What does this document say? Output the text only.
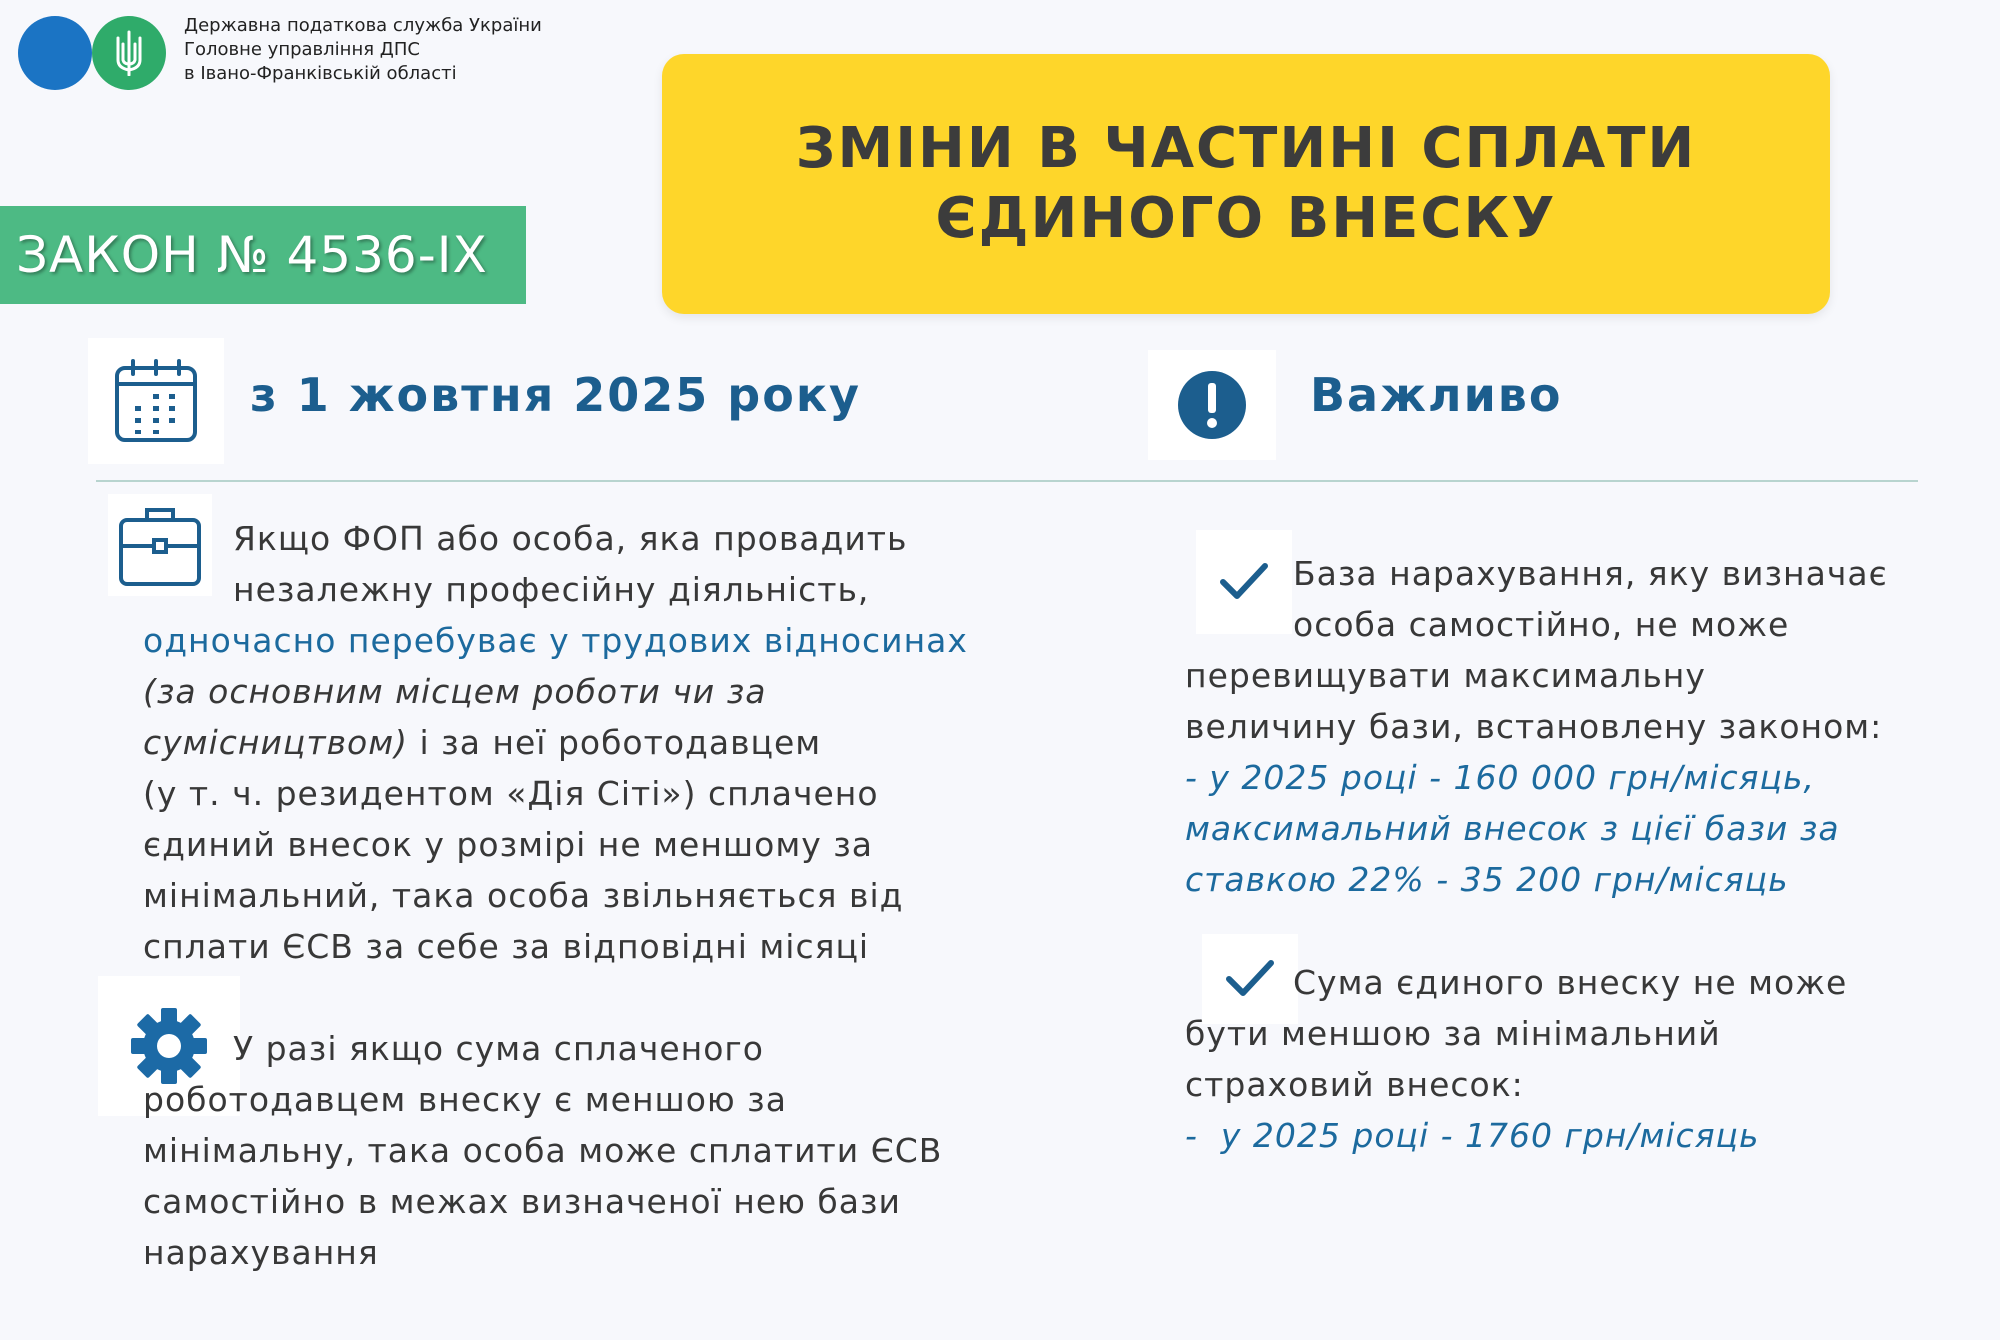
Державна податкова служба України
Головне управління ДПС
в Івано-Франківській області
ЗАКОН № 4536-IX
ЗМІНИ В ЧАСТИНІ СПЛАТИ
ЄДИНОГО ВНЕСКУ
з 1 жовтня 2025 року	Важливо
Якщо ФОП або особа, яка провадить
незалежну професійну діяльність,
одночасно перебуває у трудових відносинах
(за основним місцем роботи чи за
сумісництвом) і за неї роботодавцем
(у т. ч. резидентом «Дія Сіті») сплачено
єдиний внесок у розмірі не меншому за
мінімальний, така особа звільняється від
сплати ЄСВ за себе за відповідні місяці
У разі якщо сума сплаченого
роботодавцем внеску є меншою за
мінімальну, така особа може сплатити ЄСВ
самостійно в межах визначеної нею бази
нарахування
База нарахування, яку визначає
особа самостійно, не може
перевищувати максимальну
величину бази, встановлену законом:
- у 2025 році - 160 000 грн/місяць,
максимальний внесок з цієї бази за
ставкою 22% - 35 200 грн/місяць
Сума єдиного внеску не може
бути меншою за мінімальний
страховий внесок:
-  у 2025 році - 1760 грн/місяць
